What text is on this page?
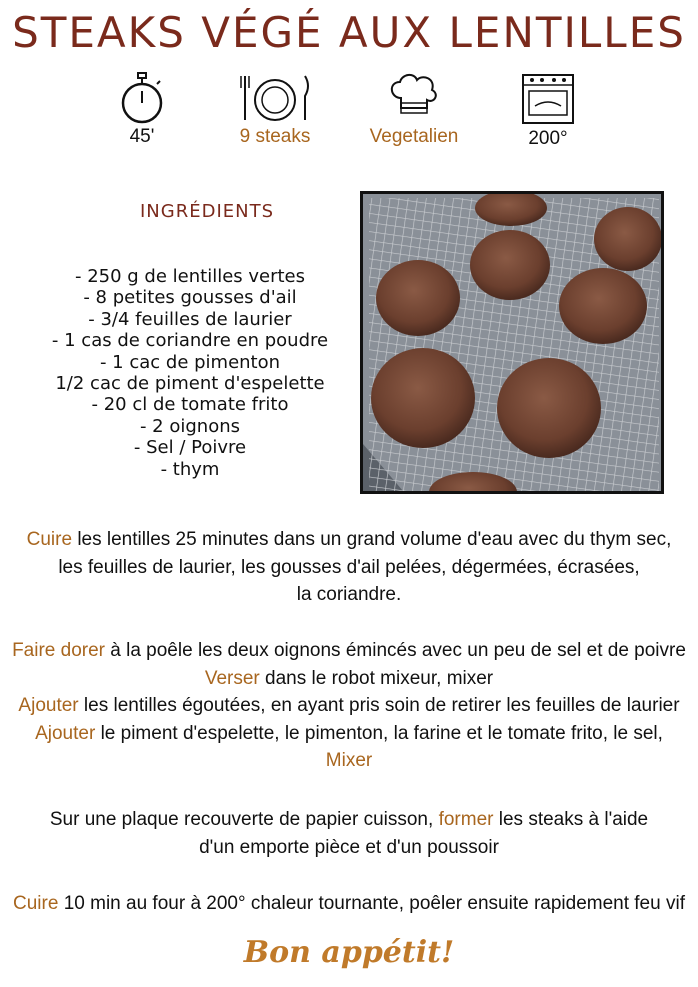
STEAKS VÉGÉ AUX LENTILLES
45'	9 steaks	Vegetalien	200°
INGRÉDIENTS
- 250 g de lentilles vertes
- 8 petites gousses d'ail
- 3/4 feuilles de laurier
- 1 cas de coriandre en poudre
- 1 cac de pimenton
1/2 cac de piment d'espelette
- 20 cl de tomate frito
- 2 oignons
- Sel / Poivre
- thym

Cuire les lentilles 25 minutes dans un grand volume d'eau avec du thym sec,
les feuilles de laurier, les gousses d'ail pelées, dégermées, écrasées,
la coriandre.

Faire dorer à la poêle les deux oignons émincés avec un peu de sel et de poivre
Verser dans le robot mixeur, mixer
Ajouter les lentilles égoutées, en ayant pris soin de retirer les feuilles de laurier
Ajouter le piment d'espelette, le pimenton, la farine et le tomate frito, le sel,
Mixer

Sur une plaque recouverte de papier cuisson, former les steaks à l'aide
d'un emporte pièce et d'un poussoir

Cuire 10 min au four à 200° chaleur tournante, poêler ensuite rapidement feu vif

Bon appétit!
